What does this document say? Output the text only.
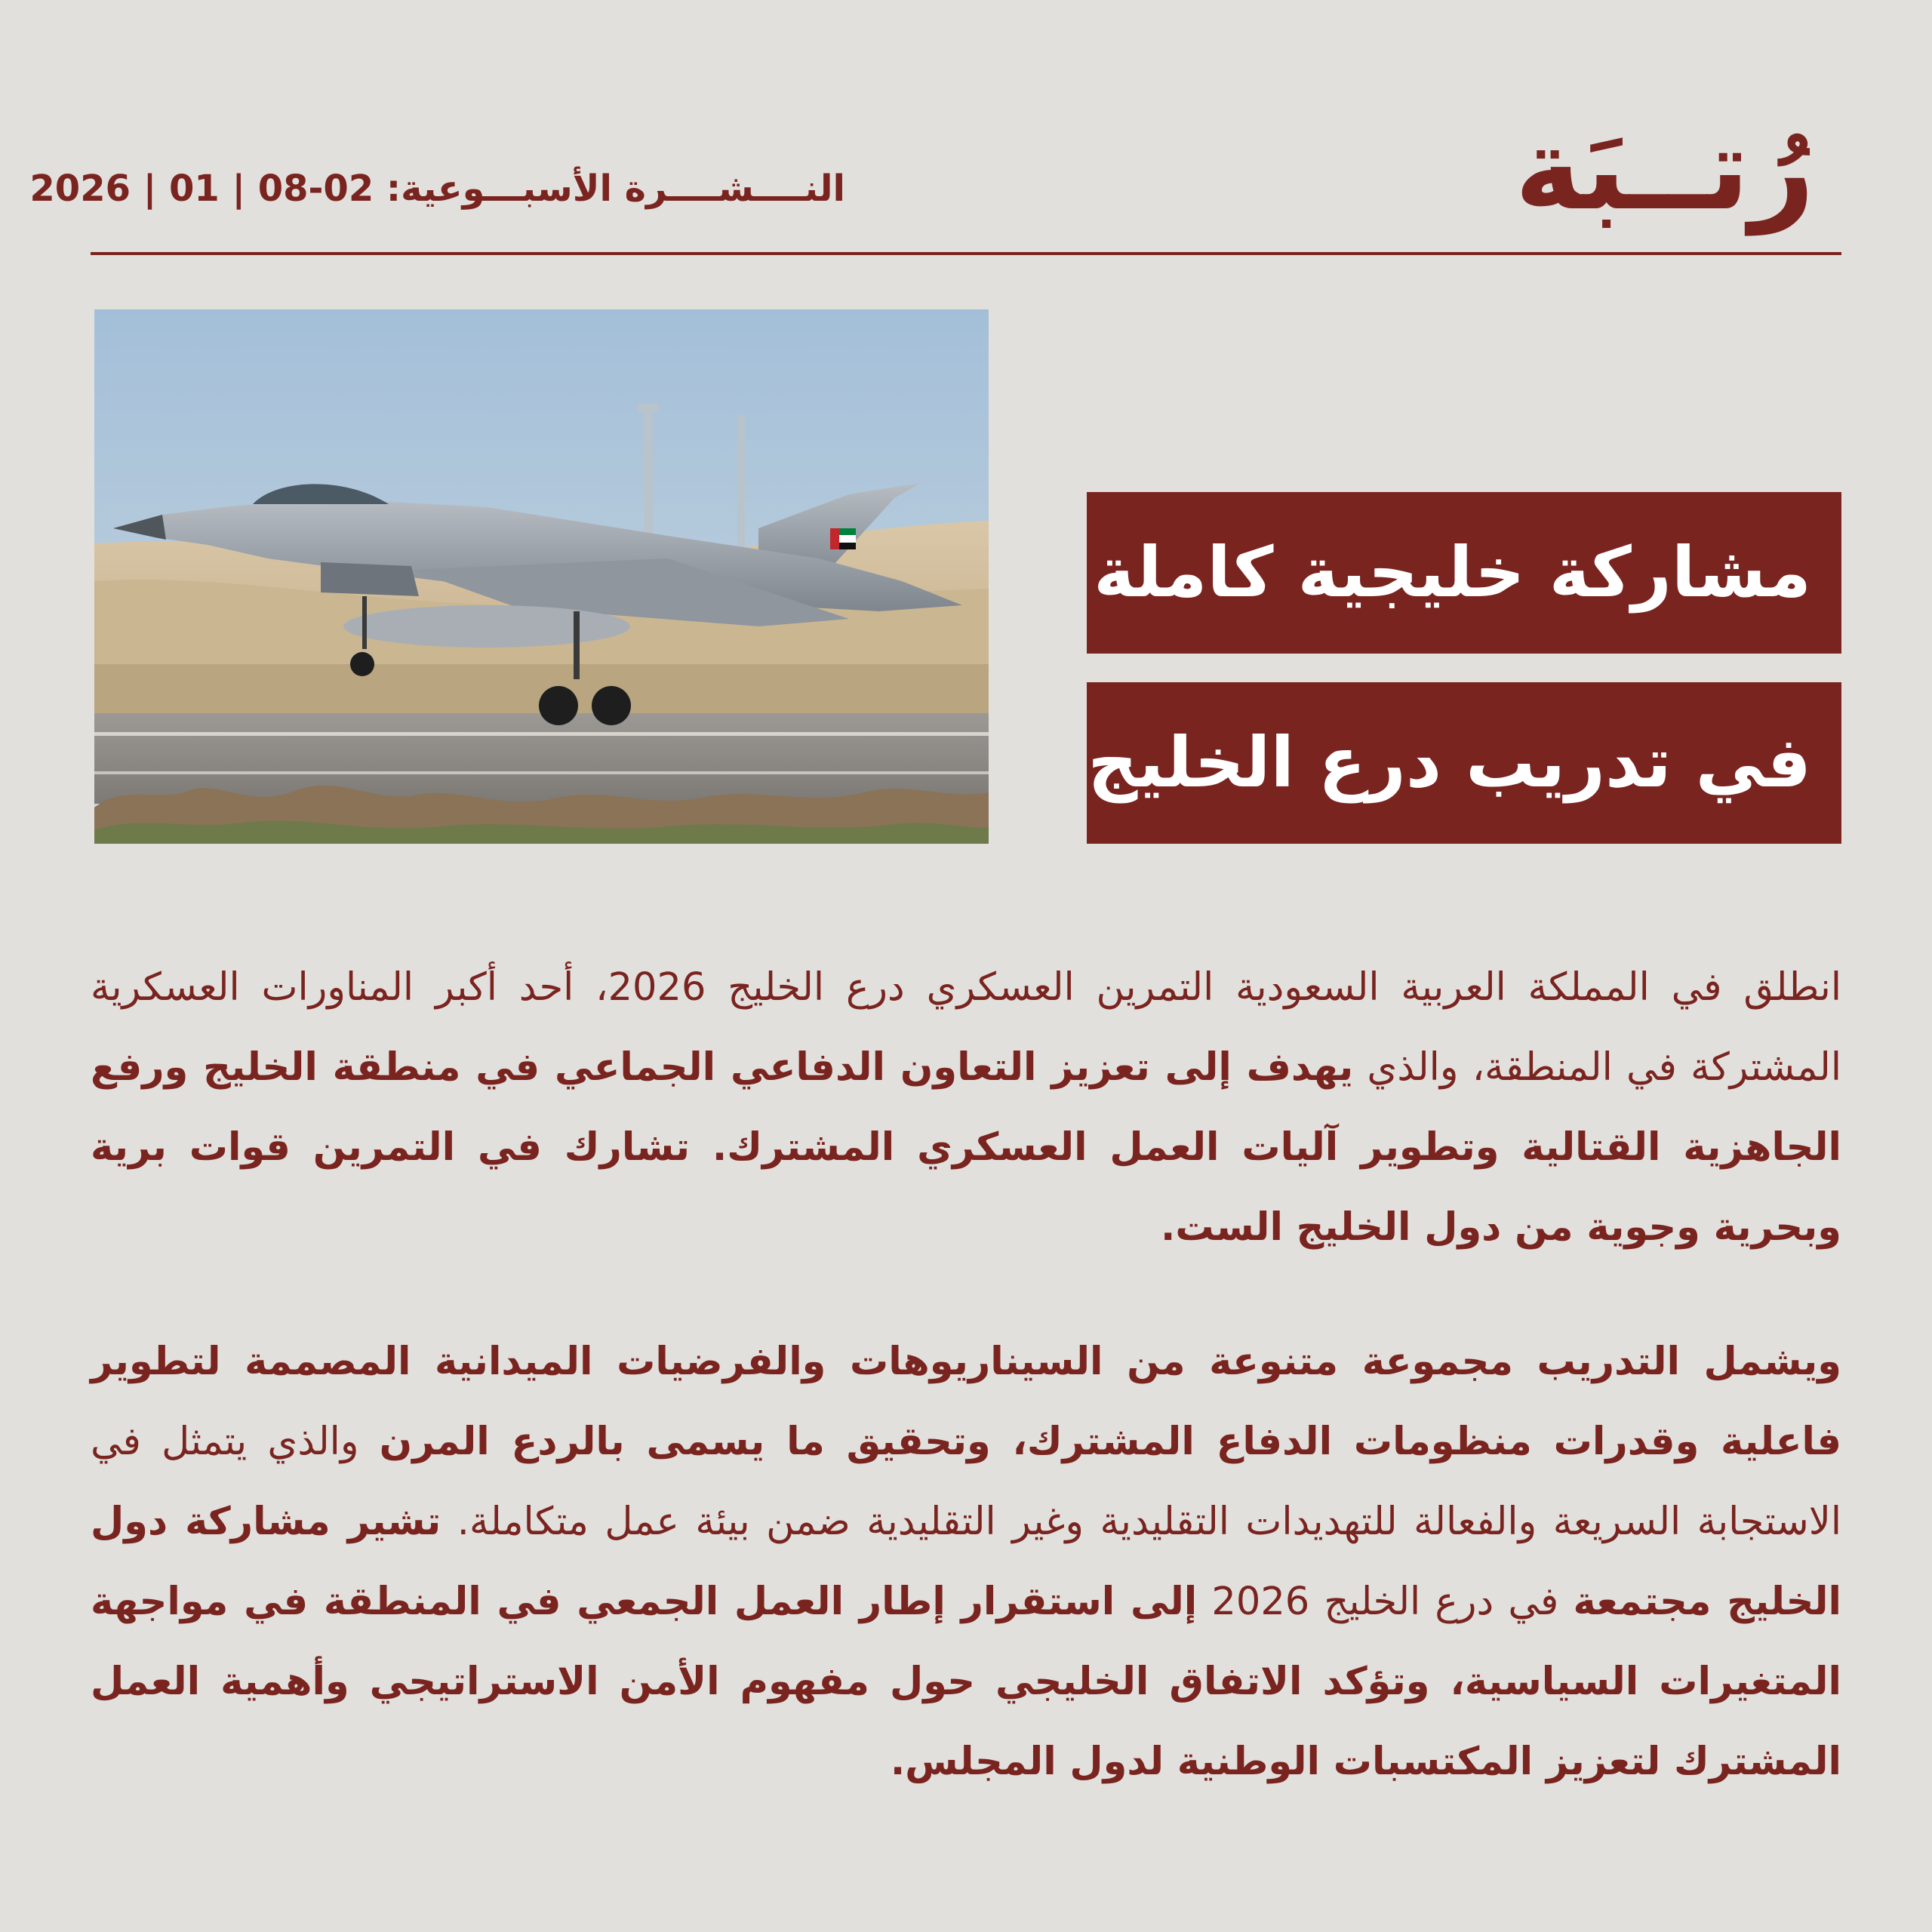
رُتــبَة
النــــشــــرة الأسبـــوعية: 02-08 | 01 | 2026
مشاركة خليجية كاملة
في تدريب درع الخليج
انطلق في المملكة العربية السعودية التمرين العسكري درع الخليج 2026، أحد أكبر المناورات العسكرية المشتركة في المنطقة، والذي يهدف إلى تعزيز التعاون الدفاعي الجماعي في منطقة الخليج ورفع الجاهزية القتالية وتطوير آليات العمل العسكري المشترك. تشارك في التمرين قوات برية وبحرية وجوية من دول الخليج الست.
ويشمل التدريب مجموعة متنوعة من السيناريوهات والفرضيات الميدانية المصممة لتطوير فاعلية وقدرات منظومات الدفاع المشترك، وتحقيق ما يسمى بالردع المرن والذي يتمثل في الاستجابة السريعة والفعالة للتهديدات التقليدية وغير التقليدية ضمن بيئة عمل متكاملة. تشير مشاركة دول الخليج مجتمعة في درع الخليج 2026 إلى استقرار إطار العمل الجمعي في المنطقة في مواجهة المتغيرات السياسية، وتؤكد الاتفاق الخليجي حول مفهوم الأمن الاستراتيجي وأهمية العمل المشترك لتعزيز المكتسبات الوطنية لدول المجلس.
